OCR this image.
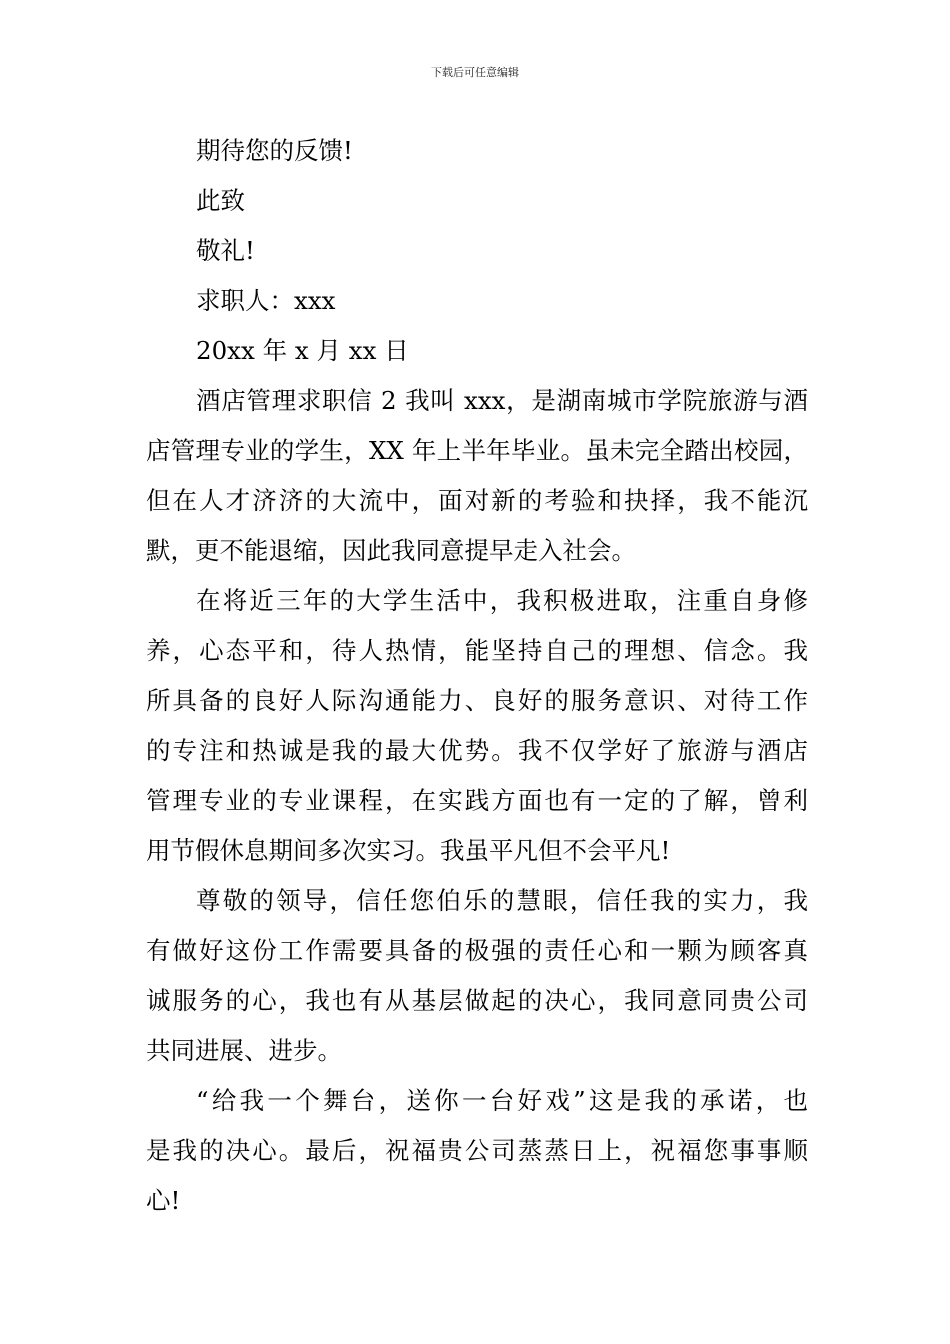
下载后可任意编辑
期待您的反馈!
此致
敬礼!
求职人：xxx
20xx 年 x 月 xx 日
酒店管理求职信 2 我叫 xxx，是湖南城市学院旅游与酒
店管理专业的学生，XX 年上半年毕业。虽未完全踏出校园，
但在人才济济的大流中，面对新的考验和抉择，我不能沉
默，更不能退缩，因此我同意提早走入社会。
在将近三年的大学生活中，我积极进取，注重自身修
养，心态平和，待人热情，能坚持自己的理想、信念。我
所具备的良好人际沟通能力、良好的服务意识、对待工作
的专注和热诚是我的最大优势。我不仅学好了旅游与酒店
管理专业的专业课程，在实践方面也有一定的了解，曾利
用节假休息期间多次实习。我虽平凡但不会平凡!
尊敬的领导，信任您伯乐的慧眼，信任我的实力，我
有做好这份工作需要具备的极强的责任心和一颗为顾客真
诚服务的心，我也有从基层做起的决心，我同意同贵公司
共同进展、进步。
“给我一个舞台，送你一台好戏”这是我的承诺，也
是我的决心。最后，祝福贵公司蒸蒸日上，祝福您事事顺
心!
